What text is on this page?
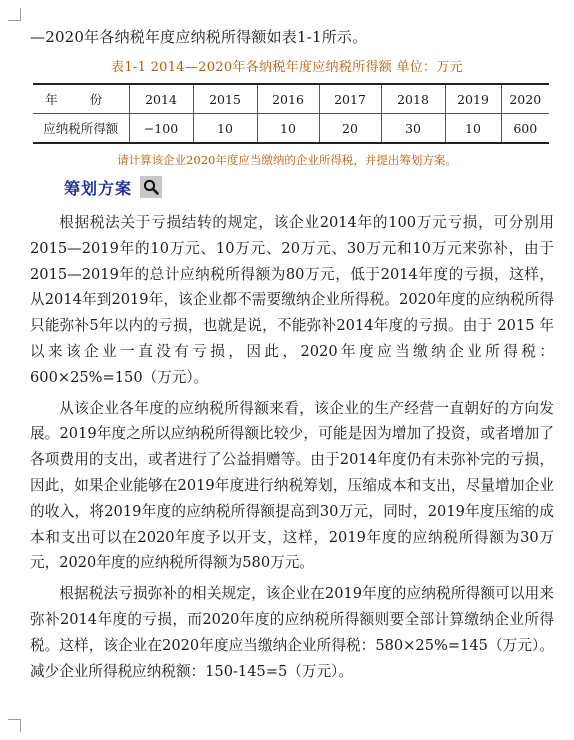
—2020年各纳税年度应纳税所得额如表1-1所示。
表1-1 2014—2020年各纳税年度应纳税所得额 单位：万元
年 份	2014	2015	2016	2017	2018	2019	2020
应纳税所得额	−100	10	10	20	30	10	600
请计算该企业2020年度应当缴纳的企业所得税，并提出筹划方案。
筹划方案

根据税法关于亏损结转的规定，该企业2014年的100万元亏损，可分别用2015—2019年的10万元、10万元、20万元、30万元和10万元来弥补，由于2015—2019年的总计应纳税所得额为80万元，低于2014年度的亏损，这样，从2014年到2019年，该企业都不需要缴纳企业所得税。2020年度的应纳税所得只能弥补5年以内的亏损，也就是说，不能弥补2014年度的亏损。由于 2015 年以来该企业一直没有亏损，因此，2020年度应当缴纳企业所得税：600×25%=150（万元）。

从该企业各年度的应纳税所得额来看，该企业的生产经营一直朝好的方向发展。2019年度之所以应纳税所得额比较少，可能是因为增加了投资，或者增加了各项费用的支出，或者进行了公益捐赠等。由于2014年度仍有未弥补完的亏损，因此，如果企业能够在2019年度进行纳税筹划，压缩成本和支出，尽量增加企业的收入，将2019年度的应纳税所得额提高到30万元，同时，2019年度压缩的成本和支出可以在2020年度予以开支，这样，2019年度的应纳税所得额为30万元，2020年度的应纳税所得额为580万元。

根据税法亏损弥补的相关规定，该企业在2019年度的应纳税所得额可以用来弥补2014年度的亏损，而2020年度的应纳税所得额则要全部计算缴纳企业所得税。这样，该企业在2020年度应当缴纳企业所得税：580×25%=145（万元）。减少企业所得税应纳税额：150-145=5（万元）。
